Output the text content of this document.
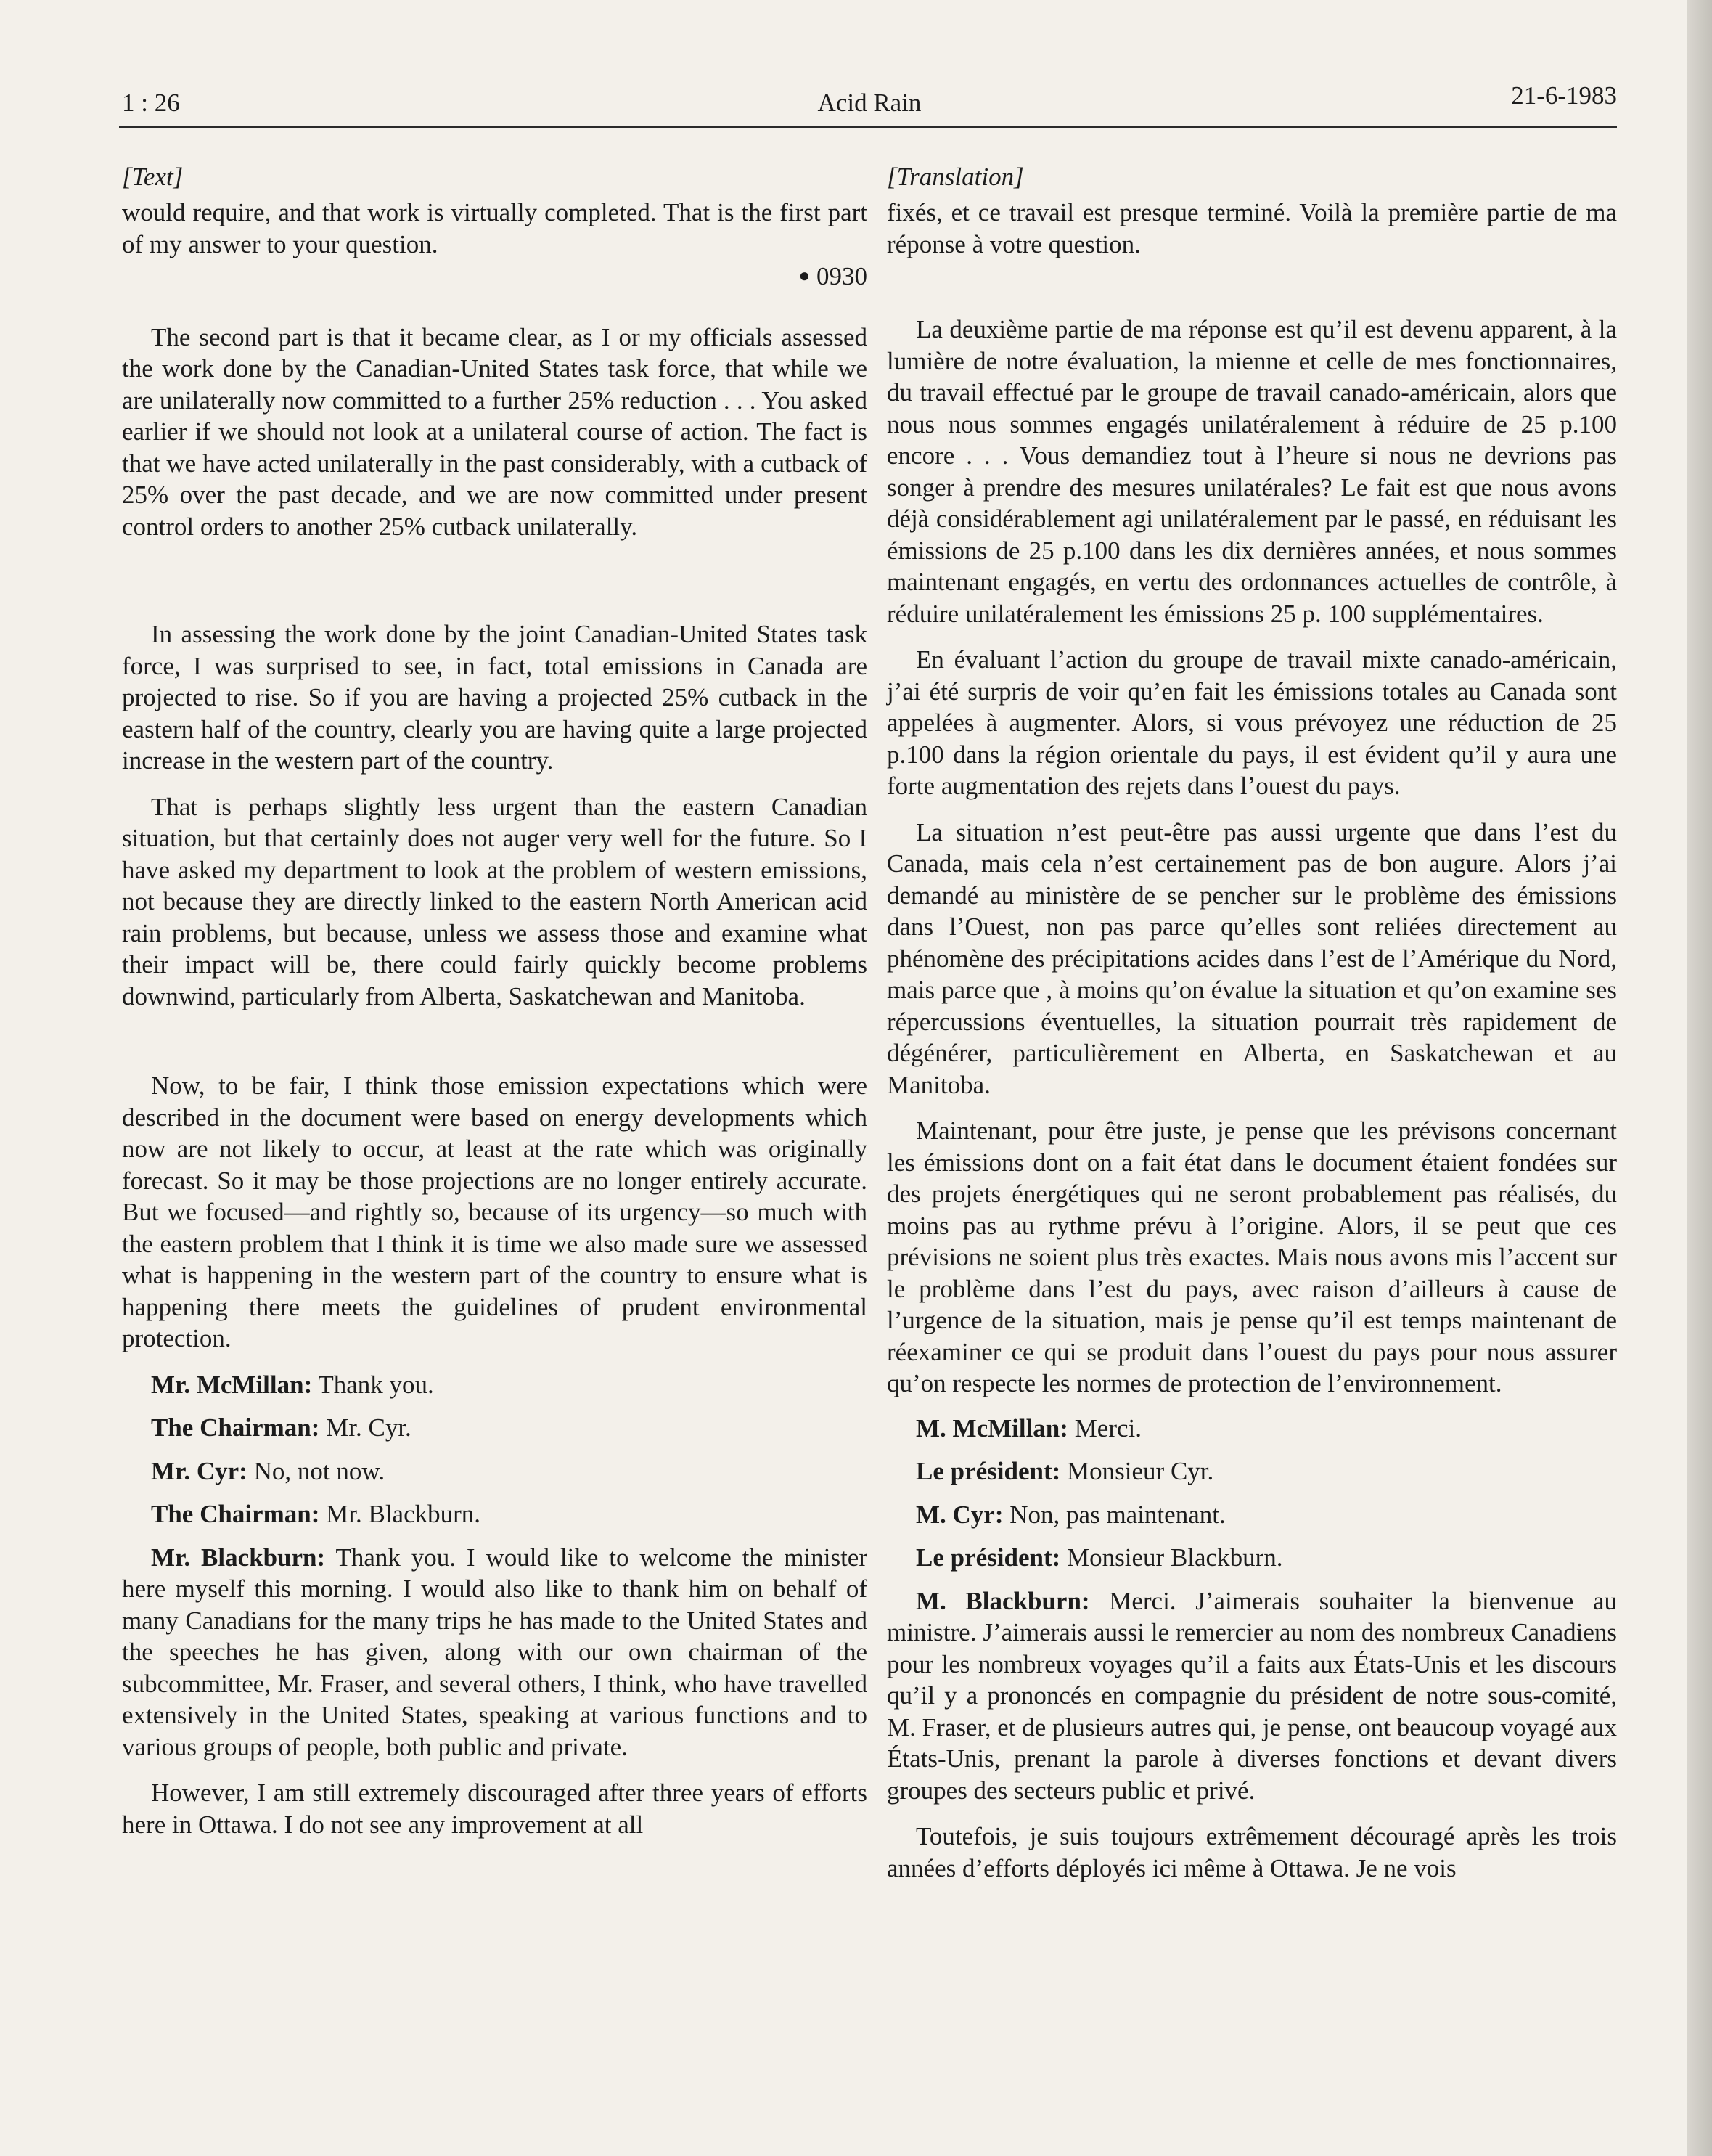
1 : 26	Acid Rain	21-6-1983

[Text]

would require, and that work is virtually completed. That is the first part of my answer to your question.

● 0930

The second part is that it became clear, as I or my officials assessed the work done by the Canadian-United States task force, that while we are unilaterally now committed to a further 25% reduction . . . You asked earlier if we should not look at a unilateral course of action. The fact is that we have acted unilaterally in the past considerably, with a cutback of 25% over the past decade, and we are now committed under present control orders to another 25% cutback unilaterally.

In assessing the work done by the joint Canadian-United States task force, I was surprised to see, in fact, total emissions in Canada are projected to rise. So if you are having a projected 25% cutback in the eastern half of the country, clearly you are having quite a large projected increase in the western part of the country.

That is perhaps slightly less urgent than the eastern Canadian situation, but that certainly does not auger very well for the future. So I have asked my department to look at the problem of western emissions, not because they are directly linked to the eastern North American acid rain problems, but because, unless we assess those and examine what their impact will be, there could fairly quickly become problems downwind, particularly from Alberta, Saskatchewan and Manitoba.

Now, to be fair, I think those emission expectations which were described in the document were based on energy developments which now are not likely to occur, at least at the rate which was originally forecast. So it may be those projections are no longer entirely accurate. But we focused—and rightly so, because of its urgency—so much with the eastern problem that I think it is time we also made sure we assessed what is happening in the western part of the country to ensure what is happening there meets the guidelines of prudent environmental protection.

Mr. McMillan: Thank you.

The Chairman: Mr. Cyr.

Mr. Cyr: No, not now.

The Chairman: Mr. Blackburn.

Mr. Blackburn: Thank you. I would like to welcome the minister here myself this morning. I would also like to thank him on behalf of many Canadians for the many trips he has made to the United States and the speeches he has given, along with our own chairman of the subcommittee, Mr. Fraser, and several others, I think, who have travelled extensively in the United States, speaking at various functions and to various groups of people, both public and private.

However, I am still extremely discouraged after three years of efforts here in Ottawa. I do not see any improvement at all

[Translation]

fixés, et ce travail est presque terminé. Voilà la première partie de ma réponse à votre question.

La deuxième partie de ma réponse est qu’il est devenu apparent, à la lumière de notre évaluation, la mienne et celle de mes fonctionnaires, du travail effectué par le groupe de travail canado-américain, alors que nous nous sommes engagés unilatéralement à réduire de 25 p.100 encore . . . Vous demandiez tout à l’heure si nous ne devrions pas songer à prendre des mesures unilatérales? Le fait est que nous avons déjà considérablement agi unilatéralement par le passé, en réduisant les émissions de 25 p.100 dans les dix dernières années, et nous sommes maintenant engagés, en vertu des ordonnances actuelles de contrôle, à réduire unilatéralement les émissions 25 p. 100 supplémentaires.

En évaluant l’action du groupe de travail mixte canado-américain, j’ai été surpris de voir qu’en fait les émissions totales au Canada sont appelées à augmenter. Alors, si vous prévoyez une réduction de 25 p.100 dans la région orientale du pays, il est évident qu’il y aura une forte augmentation des rejets dans l’ouest du pays.

La situation n’est peut-être pas aussi urgente que dans l’est du Canada, mais cela n’est certainement pas de bon augure. Alors j’ai demandé au ministère de se pencher sur le problème des émissions dans l’Ouest, non pas parce qu’elles sont reliées directement au phénomène des précipitations acides dans l’est de l’Amérique du Nord, mais parce que , à moins qu’on évalue la situation et qu’on examine ses répercussions éventuelles, la situation pourrait très rapidement de dégénérer, particulièrement en Alberta, en Saskatchewan et au Manitoba.

Maintenant, pour être juste, je pense que les prévisons concernant les émissions dont on a fait état dans le document étaient fondées sur des projets énergétiques qui ne seront probablement pas réalisés, du moins pas au rythme prévu à l’origine. Alors, il se peut que ces prévisions ne soient plus très exactes. Mais nous avons mis l’accent sur le problème dans l’est du pays, avec raison d’ailleurs à cause de l’urgence de la situation, mais je pense qu’il est temps maintenant de réexaminer ce qui se produit dans l’ouest du pays pour nous assurer qu’on respecte les normes de protection de l’environnement.

M. McMillan: Merci.

Le président: Monsieur Cyr.

M. Cyr: Non, pas maintenant.

Le président: Monsieur Blackburn.

M. Blackburn: Merci. J’aimerais souhaiter la bienvenue au ministre. J’aimerais aussi le remercier au nom des nombreux Canadiens pour les nombreux voyages qu’il a faits aux États-Unis et les discours qu’il y a prononcés en compagnie du président de notre sous-comité, M. Fraser, et de plusieurs autres qui, je pense, ont beaucoup voyagé aux États-Unis, prenant la parole à diverses fonctions et devant divers groupes des secteurs public et privé.

Toutefois, je suis toujours extrêmement découragé après les trois années d’efforts déployés ici même à Ottawa. Je ne vois
